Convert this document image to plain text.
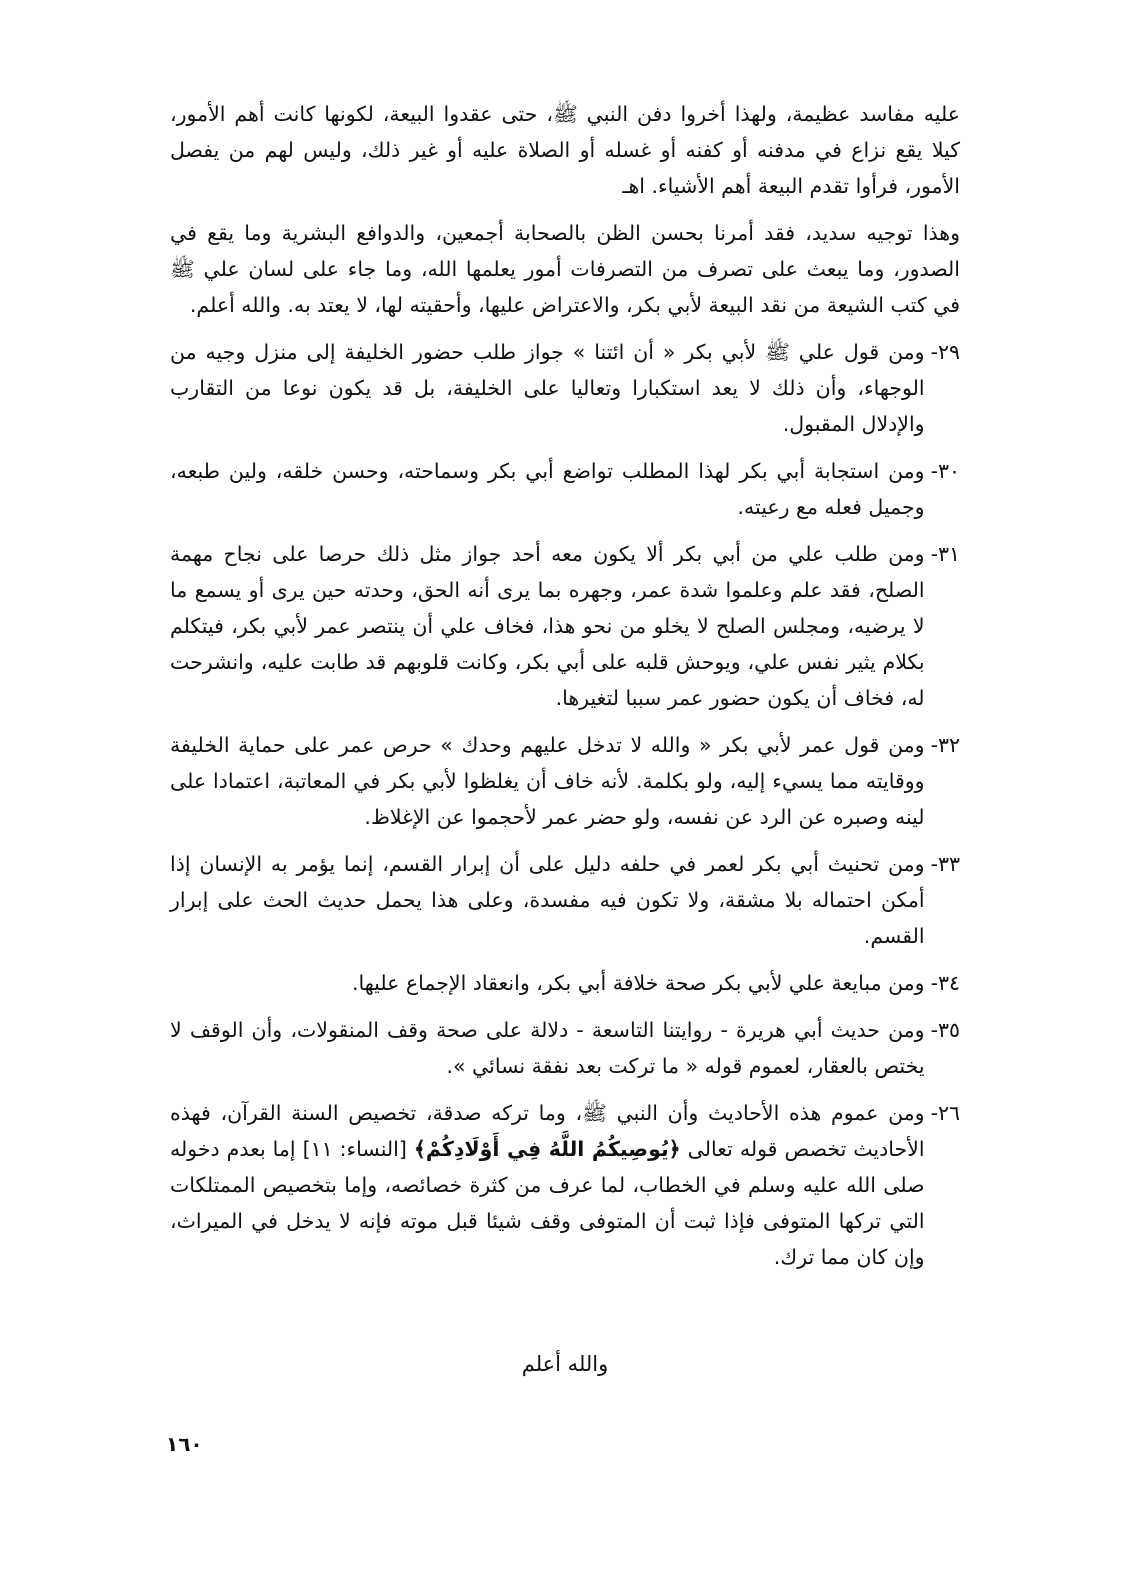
عليه مفاسد عظيمة، ولهذا أخروا دفن النبي ﷺ، حتى عقدوا البيعة، لكونها كانت أهم الأمور، كيلا يقع نزاع في مدفنه أو كفنه أو غسله أو الصلاة عليه أو غير ذلك، وليس لهم من يفصل الأمور، فرأوا تقدم البيعة أهم الأشياء. اهـ

وهذا توجيه سديد، فقد أمرنا بحسن الظن بالصحابة أجمعين، والدوافع البشرية وما يقع في الصدور، وما يبعث على تصرف من التصرفات أمور يعلمها الله، وما جاء على لسان علي ﷺ في كتب الشيعة من نقد البيعة لأبي بكر، والاعتراض عليها، وأحقيته لها، لا يعتد به. والله أعلم.

٢٩-
ومن قول علي ﷺ لأبي بكر « أن ائتنا » جواز طلب حضور الخليفة إلى منزل وجيه من الوجهاء، وأن ذلك لا يعد استكبارا وتعاليا على الخليفة، بل قد يكون نوعا من التقارب والإدلال المقبول.
٣٠-
ومن استجابة أبي بكر لهذا المطلب تواضع أبي بكر وسماحته، وحسن خلقه، ولين طبعه، وجميل فعله مع رعيته.
٣١-
ومن طلب علي من أبي بكر ألا يكون معه أحد جواز مثل ذلك حرصا على نجاح مهمة الصلح، فقد علم وعلموا شدة عمر، وجهره بما يرى أنه الحق، وحدته حين يرى أو يسمع ما لا يرضيه، ومجلس الصلح لا يخلو من نحو هذا، فخاف علي أن ينتصر عمر لأبي بكر، فيتكلم بكلام يثير نفس علي، ويوحش قلبه على أبي بكر، وكانت قلوبهم قد طابت عليه، وانشرحت له، فخاف أن يكون حضور عمر سببا لتغيرها.
٣٢-
ومن قول عمر لأبي بكر « والله لا تدخل عليهم وحدك » حرص عمر على حماية الخليفة ووقايته مما يسيء إليه، ولو بكلمة. لأنه خاف أن يغلظوا لأبي بكر في المعاتبة، اعتمادا على لينه وصبره عن الرد عن نفسه، ولو حضر عمر لأحجموا عن الإغلاظ.
٣٣-
ومن تحنيث أبي بكر لعمر في حلفه دليل على أن إبرار القسم، إنما يؤمر به الإنسان إذا أمكن احتماله بلا مشقة، ولا تكون فيه مفسدة، وعلى هذا يحمل حديث الحث على إبرار القسم.
٣٤-
ومن مبايعة علي لأبي بكر صحة خلافة أبي بكر، وانعقاد الإجماع عليها.
٣٥-
ومن حديث أبي هريرة - روايتنا التاسعة - دلالة على صحة وقف المنقولات، وأن الوقف لا يختص بالعقار، لعموم قوله « ما تركت بعد نفقة نسائي ».
٢٦-
ومن عموم هذه الأحاديث وأن النبي ﷺ، وما تركه صدقة، تخصيص السنة القرآن، فهذه الأحاديث تخصص قوله تعالى ﴿يُوصِيكُمُ اللَّهُ فِي أَوْلَادِكُمْ﴾ [النساء: ١١] إما بعدم دخوله صلى الله عليه وسلم في الخطاب، لما عرف من كثرة خصائصه، وإما بتخصيص الممتلكات التي تركها المتوفى فإذا ثبت أن المتوفى وقف شيئا قبل موته فإنه لا يدخل في الميراث، وإن كان مما ترك.
والله أعلم
١٦٠
